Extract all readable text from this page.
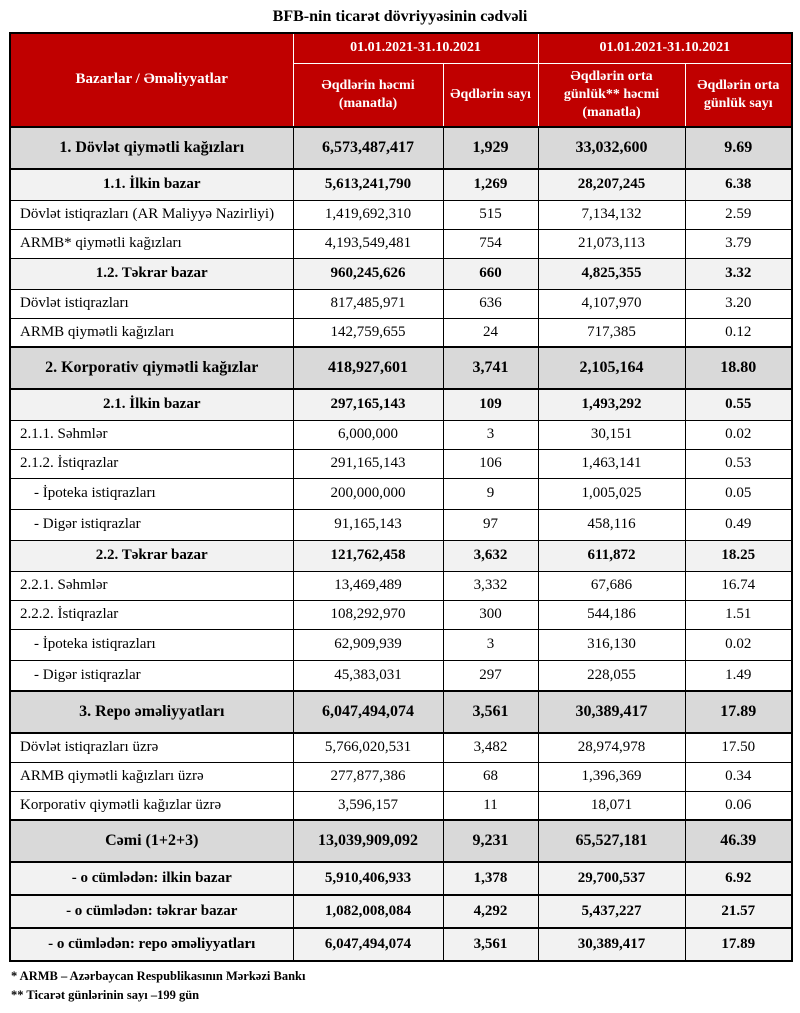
BFB-nin ticarət dövriyyəsinin cədvəli
Bazarlar / Əməliyyatlar	01.01.2021-31.10.2021		01.01.2021-31.10.2021	
	Əqdlərin həcmi (manatla)	Əqdlərin sayı	Əqdlərin orta günlük** həcmi (manatla)	Əqdlərin orta günlük sayı
1. Dövlət qiymətli kağızları	6,573,487,417	1,929	33,032,600	9.69
1.1. İlkin bazar	5,613,241,790	1,269	28,207,245	6.38
Dövlət istiqrazları (AR Maliyyə Nazirliyi)	1,419,692,310	515	7,134,132	2.59
ARMB* qiymətli kağızları	4,193,549,481	754	21,073,113	3.79
1.2. Təkrar bazar	960,245,626	660	4,825,355	3.32
Dövlət istiqrazları	817,485,971	636	4,107,970	3.20
ARMB qiymətli kağızları	142,759,655	24	717,385	0.12
2. Korporativ qiymətli kağızlar	418,927,601	3,741	2,105,164	18.80
2.1. İlkin bazar	297,165,143	109	1,493,292	0.55
2.1.1. Səhmlər	6,000,000	3	30,151	0.02
2.1.2. İstiqrazlar	291,165,143	106	1,463,141	0.53
- İpoteka istiqrazları	200,000,000	9	1,005,025	0.05
- Digər istiqrazlar	91,165,143	97	458,116	0.49
2.2. Təkrar bazar	121,762,458	3,632	611,872	18.25
2.2.1. Səhmlər	13,469,489	3,332	67,686	16.74
2.2.2. İstiqrazlar	108,292,970	300	544,186	1.51
- İpoteka istiqrazları	62,909,939	3	316,130	0.02
- Digər istiqrazlar	45,383,031	297	228,055	1.49
3. Repo əməliyyatları	6,047,494,074	3,561	30,389,417	17.89
Dövlət istiqrazları üzrə	5,766,020,531	3,482	28,974,978	17.50
ARMB qiymətli kağızları üzrə	277,877,386	68	1,396,369	0.34
Korporativ qiymətli kağızlar üzrə	3,596,157	11	18,071	0.06
Cəmi (1+2+3)	13,039,909,092	9,231	65,527,181	46.39
- o cümlədən: ilkin bazar	5,910,406,933	1,378	29,700,537	6.92
- o cümlədən: təkrar bazar	1,082,008,084	4,292	5,437,227	21.57
- o cümlədən: repo əməliyyatları	6,047,494,074	3,561	30,389,417	17.89
* ARMB – Azərbaycan Respublikasının Mərkəzi Bankı
** Ticarət günlərinin sayı –199 gün
